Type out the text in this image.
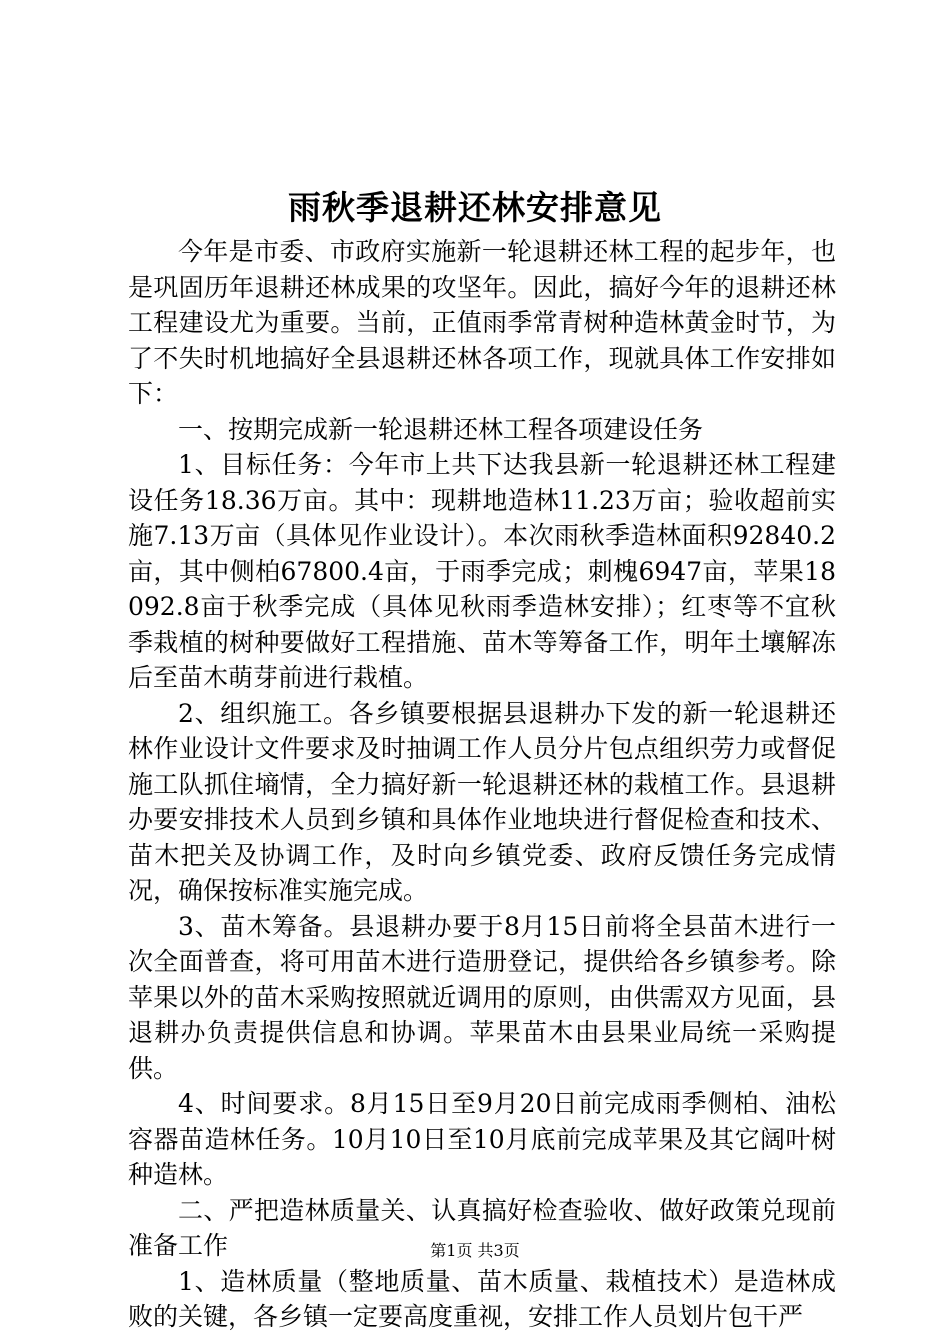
雨秋季退耕还林安排意见

今年是市委、市政府实施新一轮退耕还林工程的起步年，也是巩固历年退耕还林成果的攻坚年。因此，搞好今年的退耕还林工程建设尤为重要。当前，正值雨季常青树种造林黄金时节，为了不失时机地搞好全县退耕还林各项工作，现就具体工作安排如下：

一、按期完成新一轮退耕还林工程各项建设任务

1、目标任务：今年市上共下达我县新一轮退耕还林工程建设任务18.36万亩。其中：现耕地造林11.23万亩；验收超前实施7.13万亩（具体见作业设计）。本次雨秋季造林面积92840.2亩，其中侧柏67800.4亩，于雨季完成；刺槐6947亩，苹果18092.8亩于秋季完成（具体见秋雨季造林安排）；红枣等不宜秋季栽植的树种要做好工程措施、苗木等筹备工作，明年土壤解冻后至苗木萌芽前进行栽植。

2、组织施工。各乡镇要根据县退耕办下发的新一轮退耕还林作业设计文件要求及时抽调工作人员分片包点组织劳力或督促施工队抓住墒情，全力搞好新一轮退耕还林的栽植工作。县退耕办要安排技术人员到乡镇和具体作业地块进行督促检查和技术、苗木把关及协调工作，及时向乡镇党委、政府反馈任务完成情况，确保按标准实施完成。

3、苗木筹备。县退耕办要于8月15日前将全县苗木进行一次全面普查，将可用苗木进行造册登记，提供给各乡镇参考。除苹果以外的苗木采购按照就近调用的原则，由供需双方见面，县退耕办负责提供信息和协调。苹果苗木由县果业局统一采购提供。

4、时间要求。8月15日至9月20日前完成雨季侧柏、油松容器苗造林任务。10月10日至10月底前完成苹果及其它阔叶树种造林。

二、严把造林质量关、认真搞好检查验收、做好政策兑现前准备工作

1、造林质量（整地质量、苗木质量、栽植技术）是造林成败的关键，各乡镇一定要高度重视，安排工作人员划片包干严

第1页 共3页
